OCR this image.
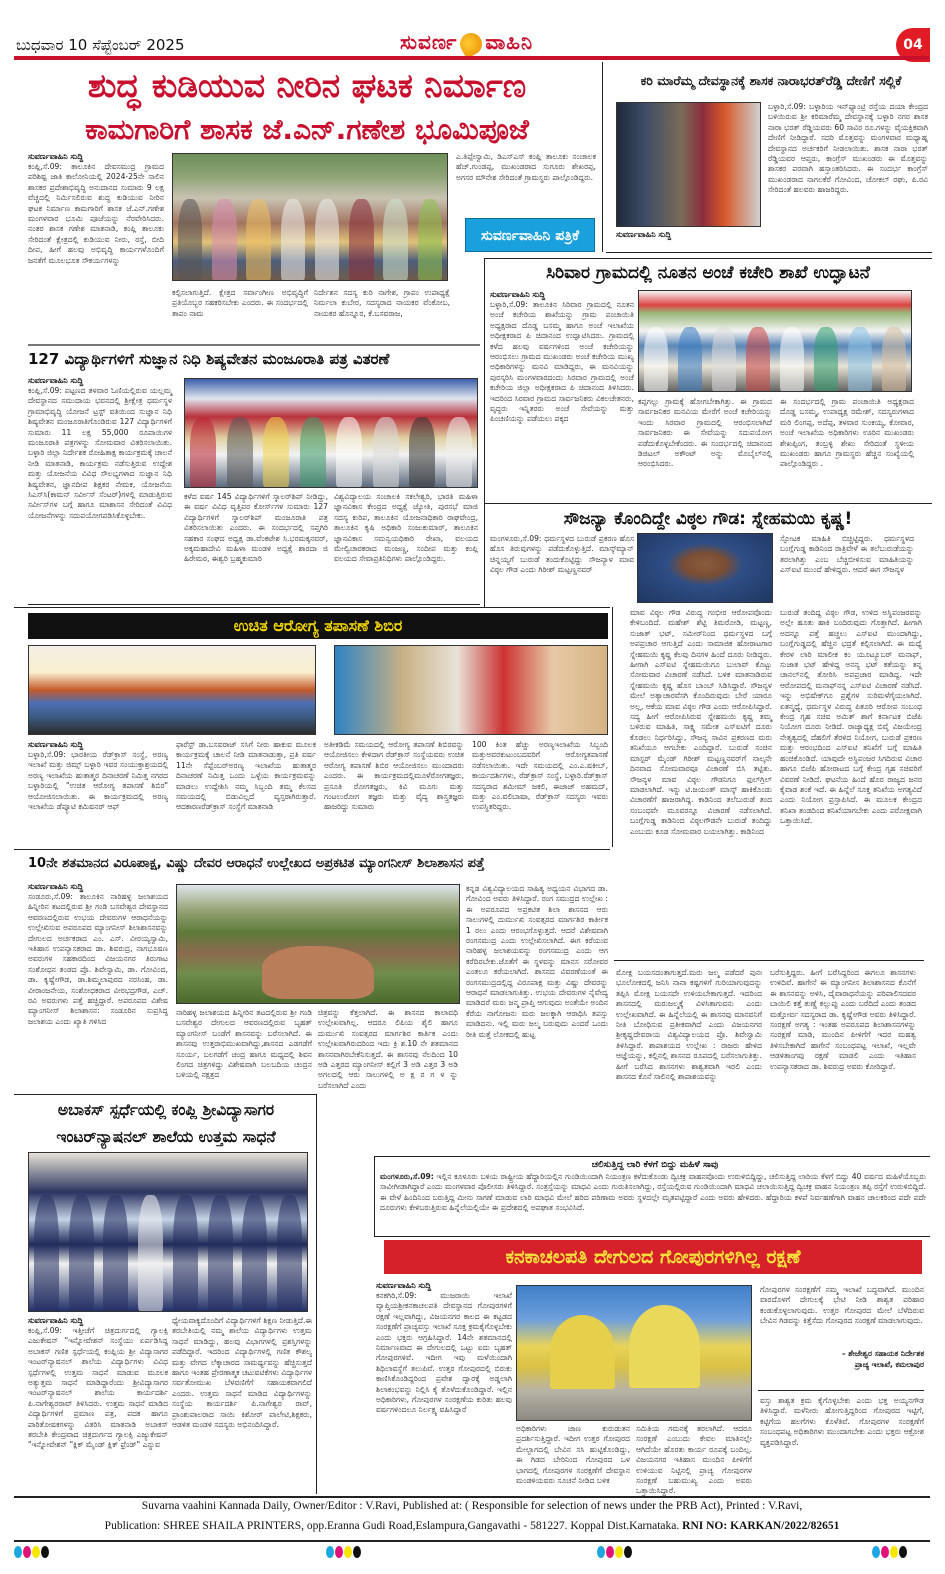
ಬುಧವಾರ 10 ಸೆಪ್ಟೆಂಬರ್ 2025	ಸುವರ್ಣ ವಾಹಿನಿ	04
ಶುದ್ಧ ಕುಡಿಯುವ ನೀರಿನ ಘಟಕ ನಿರ್ಮಾಣ
ಕಾಮಗಾರಿಗೆ ಶಾಸಕ ಜೆ.ಎನ್.ಗಣೇಶ ಭೂಮಿಪೂಜೆ
ಸುವರ್ಣವಾಹಿನಿ ಸುದ್ದಿ
ಕಂಪ್ಲಿ,ಸೆ.09: ತಾಲೂಕಿನ ದೇವಸಮುದ್ರ ಗ್ರಾಮದ ಪರಿಶಿಷ್ಟ ಜಾತಿ ಕಾಲೋನಿಯಲ್ಲಿ 2024-25ನೇ ಸಾಲಿನ ಶಾಸಕರ ಪ್ರದೇಶಾಭಿವೃದ್ಧಿ ಅನುದಾನದ ಸುಮಾರು 9 ಲಕ್ಷ ವೆಚ್ಚದಲ್ಲಿ ನಿರ್ಮಿಸಲಿರುವ ಶುದ್ಧ ಕುಡಿಯುವ ನೀರಿನ ಘಟಕ ನಿರ್ಮಾಣ ಕಾಮಗಾರಿಗೆ ಶಾಸಕ ಜೆ.ಎನ್.ಗಣೇಶ ಮಂಗಳವಾರ ಭೂಮಿ ಪೂಜೆಯನ್ನು ನೆರವೇರಿಸಿದರು. ನಂತರ ಶಾಸಕ ಗಣೇಶ ಮಾತನಾಡಿ, ಕಂಪ್ಲಿ ತಾಲೂಕು ಸೇರಿದಂತೆ ಕ್ಷೇತ್ರದಲ್ಲಿ ಕುಡಿಯುವ ನೀರು, ರಸ್ತೆ, ಬೀದಿ ದೀಪ, ಹೀಗೆ ಹಲವು ಅಭಿವೃದ್ಧಿ ಕಾರ್ಯಗಳೊಂದಿಗೆ ಜನತೆಗೆ ಮೂಲಭೂತ ಸೌಕರ್ಯಗಳನ್ನು
ಕಲ್ಪಿಸಲಾಗುತ್ತಿದೆ. ಕ್ಷೇತ್ರದ ಸರ್ವಾಂಗೀಣ ಅಭಿವೃದ್ಧಿಗೆ ಪ್ರತಿಯೊಬ್ಬರ ಸಹಕರಿಸಬೇಕು ಎಂದರು. ಈ ಸಂದರ್ಭದಲ್ಲಿ ತಾಪಂ ನಾಮ
ನಿರ್ದೇಶನ ಸದಸ್ಯ ಕುರಿ ನಾಗೇಶ, ಗ್ರಾಪಂ ಉಪಾಧ್ಯಕ್ಷೆ ನಿರ್ಮಲಾ ಕುಬೇರ, ಸದಸ್ಯರಾದ ನಾಯಕರ ವೆಂಕೋಬ, ನಾಯಕರ ಹೊನ್ನೂರ, ಕೆ.ಬಸವರಾಜ,
ಎ.ತಿಪ್ಪೇಸ್ವಾಮಿ, ಡಿಎಸ್‌ಎಸ್ ಕಂಪ್ಲಿ ತಾಲೂಕು ಸಂಚಾಲಕ ಹೆಚ್.ಗುಂಡಪ್ಪ, ಮುಖಂಡರಾದ ಸುಗೂರು ಶೇಖರಪ್ಪ, ಅಗಸರ ಮೌನೇಶ ಸೇರಿದಂತೆ ಗ್ರಾಮಸ್ಥರು ಪಾಲ್ಗೊಂಡಿದ್ದರು.
ಸುವರ್ಣವಾಹಿನಿ ಪತ್ರಿಕೆ ಓದಿರಿ
ಕರಿ ಮಾರೆಮ್ಮ ದೇವಸ್ಥಾನಕ್ಕೆ ಶಾಸಕ ನಾರಾಭರತ್‌ರೆಡ್ಡಿ ದೇಣಿಗೆ ಸಲ್ಲಿಕೆ
ಸುವರ್ಣವಾಹಿನಿ ಸುದ್ದಿ
ಬಳ್ಳಾರಿ,ಸೆ.09: ಬಳ್ಳಾರಿಯ ಇನ್‌ಫ್ಯಾಂಟ್ರಿ ರಸ್ತೆಯ ದಯಾ ಕೇಂದ್ರದ ಬಳಿಯಿರುವ ಶ್ರೀ ಕರಿಮಾರೆಮ್ಮ ದೇವಸ್ಥಾನಕ್ಕೆ ಬಳ್ಳಾರಿ ನಗರ ಶಾಸಕ ನಾರಾ ಭರತ್ ರೆಡ್ಡಿಯವರು 60 ಸಾವಿರ ರೂ.ಗಳನ್ನು ವೈಯಕ್ತಿಕವಾಗಿ ದೇಣಿಗೆ ನೀಡಿದ್ದಾರೆ. ಸದರಿ ಮೊತ್ತವನ್ನು ಮಂಗಳವಾರ ಮಧ್ಯಾಹ್ನ ದೇವಸ್ಥಾನದ ಅರ್ಚಕರಿಗೆ ನೀಡಲಾಯಿತು. ಶಾಸಕ ನಾರಾ ಭರತ್ ರೆಡ್ಡಿಯವರ ಆಪ್ತರು, ಕಾಂಗ್ರೆಸ್ ಮುಖಂಡರು ಈ ಮೊತ್ತವನ್ನು ಶಾಸಕರ ಪರವಾಗಿ ಹಸ್ತಾಂತರಿಸಿದರು. ಈ ಸಂದರ್ಭ ಕಾಂಗ್ರೆಸ್ ಮುಖಂಡರಾದ ನಾಗಲಕೆರೆ ಗೋವಿಂದ, ಚೋಕಲ್ ರಘು, ಪಿ.ರವಿ ಸೇರಿದಂತೆ ಹಲವರು ಹಾಜರಿದ್ದರು.
ಸಿರಿವಾರ ಗ್ರಾಮದಲ್ಲಿ ನೂತನ ಅಂಚೆ ಕಚೇರಿ ಶಾಖೆ ಉದ್ಘಾಟನೆ
ಸುವರ್ಣವಾಹಿನಿ ಸುದ್ದಿ
ಬಳ್ಳಾರಿ,ಸೆ.09: ತಾಲೂಕಿನ ಸಿರಿವಾರ ಗ್ರಾಮದಲ್ಲಿ ನೂತನ ಅಂಚೆ ಕಚೇರಿಯ ಶಾಖೆಯನ್ನು ಗ್ರಾಮ ಪಂಚಾಯಿತಿ ಅಧ್ಯಕ್ಷರಾದ ದೊಡ್ಡ ಬಸಮ್ಮ ಹಾಗೂ ಅಂಚೆ ಇಲಾಖೆಯ ಅಧೀಕ್ಷಕರಾದ ಪಿ ಚಿದಾನಂದ ಉದ್ಘಾಟಿಸಿದರು. ಗ್ರಾಮದಲ್ಲಿ ಕಳೆದ ಹಲವು ವರ್ಷಗಳಿಂದ ಅಂಚೆ ಕಚೇರಿಯನ್ನು ಆರಂಭಿಸಲು ಗ್ರಾಮದ ಮುಖಂಡರು ಅಂಚೆ ಕಚೇರಿಯ ಮುಖ್ಯ ಅಧಿಕಾರಿಗಳನ್ನು ಮನವಿ ಮಾಡಿದ್ದರು, ಈ ಮನವಿಯನ್ನು ಪುರಸ್ಕರಿಸಿ ಮಂಗಳವಾರದಂದು ಸಿರವಾರ ಗ್ರಾಮದಲ್ಲಿ ಅಂಚೆ ಕಚೇರಿಯ ಜಿಲ್ಲಾ ಅಧೀಕ್ಷಕರಾದ ಪಿ ಚಿದಾನಂದ ತಿಳಿಸಿದರು. ಇದರಿಂದ ಸಿರವಾರ ಗ್ರಾಮದ ಸಾರ್ವಜನಿಕರು ವಿಕಲಚೇತನರು, ವೃದ್ಧರು ಇನ್ನಿತರರು ಅಂಚೆ ಸೇವೆಯನ್ನು ಮತ್ತು ಪಿಂಚಣಿಯನ್ನು ಪಡೆಯಲು ಪಕ್ಕದ
ಕಪ್ಪಗಲ್ಲು ಗ್ರಾಮಕ್ಕೆ ಹೋಗಬೇಕಾಗಿತ್ತು. ಈ ಗ್ರಾಮದ ಸಾರ್ವಜನಿಕರ ಮನವಿಯ ಮೇರೆಗೆ ಅಂಚೆ ಕಚೇರಿಯನ್ನು ಇಂದು ಸಿರವಾರ ಗ್ರಾಮದಲ್ಲಿ ಆರಂಭಿಸಲಾಗಿದೆ ಸಾರ್ವಜನಿಕರು ಈ ಸೇವೆಯನ್ನು ಸದುಪಯೋಗ ಪಡೆದುಕೊಳ್ಳಬೇಕೆಂದರು. ಈ ಸಂದರ್ಭದಲ್ಲಿ ಚಿದಾನಂದ ಡಿಜಿಟಲ್ ಅಕೌಂಟ್ ಅನ್ನು ಮೊಬೈಲ್‌ನಲ್ಲಿ ಆರಂಭಿಸಿದರು.
ಈ ಸಂದರ್ಭದಲ್ಲಿ ಗ್ರಾಮ ಪಂಚಾಯಿತಿ ಅಧ್ಯಕ್ಷರಾದ ದೊಡ್ಡ ಬಸಮ್ಮ, ಉಪಾಧ್ಯಕ್ಷ ರಮೇಶ್, ಸದಸ್ಯರುಗಳಾದ ಮರಿ ಲಿಂಗಪ್ಪ, ಅದೆಪ್ಪ, ತಳವಾರ ಸುಂಕಯ್ಯ, ಕೋವಾರ, ಅಂಚೆ ಇಲಾಖೆಯ ಅಧಿಕಾರಿಗಳು ಊರಿನ ಮುಖಂಡರು ಶೇಖಪ್ಪಿಂಗ, ತಂಬ್ರಳ್ಳಿ ಶೇಖು ಸೇರಿದಂತೆ ಸ್ಥಳೀಯ ಮುಖಂಡರು ಹಾಗೂ ಗ್ರಾಮಸ್ಥರು ಹೆಚ್ಚಿನ ಸಂಖ್ಯೆಯಲ್ಲಿ ಪಾಲ್ಗೊಂಡಿದ್ದರು .
ಸೌಜನ್ಯಾ ಕೊಂದಿದ್ದೇ ವಿಠ್ಠಲ ಗೌಡ: ಸ್ನೇಹಮಯಿ ಕೃಷ್ಣ!
ಮಂಗಳೂರು,ಸೆ.09: ಧರ್ಮಸ್ಥಳದ ಬುರುಡೆ ಪ್ರಕರಣ ಹೊಸ ಹೊಸ ತಿರುವುಗಳನ್ನು ಪಡೆದುಕೊಳ್ಳುತ್ತಿದೆ. ಮಾಸ್ಕ್‌ಮ್ಯಾನ್ ಚಿನ್ನಯ್ಯಗೆ ಬುರುಡೆ ತಂದುಕೊಟ್ಟಿದ್ದು ಸೌಜನ್ಯಾಳ ಮಾವ ವಿಠ್ಠಲ ಗೌಡ ಎಂದು ಗಿರೀಶ್ ಮಟ್ಟಣ್ಣನವರ್
ಸ್ಫೋಟಕ ಮಾಹಿತಿ ಬಿಚ್ಚಿಟ್ಟಿದ್ದರು. ಧರ್ಮಸ್ಥಳದ ಬಂಗ್ಲೆಗುಡ್ಡ ಕಾಡಿನಿಂದ ರಾತ್ರಿವೇಳೆ ಈ ತಲೆಬುರುಡೆಯನ್ನು ತರಲಾಗಿತ್ತು ಎಂಬ ಬೆಚ್ಚಿಬೀಳಿಸುವ ಮಾಹಿತಿಯನ್ನು ಎಸ್ಐಟಿ ಮುಂದೆ ಹೇಳಿದ್ದರು. ಆದರೆ ಈಗ ಸೌಜನ್ಯಳ
ಮಾವ ವಿಠ್ಠಲ ಗೌಡ ವಿರುದ್ಧ ಗಂಭೀರ ಆರೋಪವೊಂದು ಕೇಳಿಬಂದಿದೆ. ಮಹೇಶ್ ಶೆಟ್ಟಿ ತಿಮರೋಡಿ, ಮಟ್ಟಣ್ಣ, ಸುಜಾತ್ ಭಟ್, ಸಮೀರ್‌ನಿಂದ ಧರ್ಮಸ್ಥಳದ ಬಗ್ಗೆ ಅಪಪ್ರಚಾರ ಆಗುತ್ತಿದೆ ಎಂದು ಸಾಮಾಜಿಕ ಹೋರಾಟಗಾರ ಸ್ನೇಹಮಯಿ ಕೃಷ್ಣ ಕೆಲವು ದಿನಗಳ ಹಿಂದೆ ದೂರು ನೀಡಿದ್ದರು. ಹೀಗಾಗಿ ಎಸ್ಐಟಿ ಸ್ನೇಹಮಯಿಗೂ ಬುಲಾವ್ ಕೊಟ್ಟು ಸೋಮವಾರ ವಿಚಾರಣೆ ನಡೆಸಿದೆ. ಬಳಿಕ ಮಾತನಾಡಿರುವ ಸ್ನೇಹಮಯಿ ಕೃಷ್ಣ ಹೊಸ ಬಾಂಬ್ ಸಿಡಿಸಿದ್ದಾರೆ. ಸೌಜನ್ಯಳ ಮೇಲೆ ಅತ್ಯಾಚಾರವೆಸಗಿ ಕೊಂದಿರುವುದು ಬೇರೆ ಯಾರೂ ಅಲ್ಲ, ಆಕೆಯ ಮಾವ ವಿಠ್ಠಲ ಗೌಡ ಎಂದು ಆರೋಪಿಸಿದ್ದಾರೆ. ಸದ್ಯ ಹೀಗೆ ಆರೋಪಿಸಿರುವ ಸ್ನೇಹಮಯಿ ಕೃಷ್ಣ ತಮ್ಮ ಬಳಿರುವ ಮಾಹಿತಿ, ಸಾಕ್ಷ್ಯ ಸಮೇತ ಎಸ್ಐಟಿಗೆ ದೂರು ಕೊಡಲು ನಿರ್ಧರಿಸಿದ್ದು, ಸೌಜನ್ಯ ಸಾವಿನ ಪ್ರಕರಣದ ಮರು ತನಿಖೆಯೂ ಆಗಬೇಕು ಎಂದಿದ್ದಾರೆ. ಬುರುಡೆ ಸಂಚಿನ ಮಾಸ್ಟರ್ ಮೈಂಡ್ ಗಿರೀಶ್ ಮಟ್ಟಣ್ಣನವರ್‌ಗೆ ನಾಲ್ಕನೇ ದಿನವಾದ ಸೋಮವಾರವೂ ವಿಚಾರಣೆ ಬಿಸಿ ತಟ್ಟಿತು. ಸೌಜನ್ಯಳ ಮಾವ ವಿಠ್ಠಲ ಗೌಡನಿಗೂ ಫುಲ್‌ಗ್ರಿಲ್ ಮಾಡಲಾಗಿದೆ. ಇನ್ನು ಟಿ.ಜಯಂತ್ ಮಾಸ್ಕ್ ಹಾಕಿಕೊಂಡು ವಿಚಾರಣೆಗೆ ಹಾಜರಾಗಿದ್ದ. ಕಾಡಿನಿಂದ ತಲೆಬುರುಡೆ ತಂದ ಸಂಬಂಧವೇ ಮೂವರನ್ನೂ ವಿಚಾರಣೆ ನಡೆಸಲಾಗಿದೆ. ಬಂಗ್ಲೆಗುಡ್ಡ ಕಾಡಿನಿಂದ ವಿಠ್ಠಲಗೌಡನೇ ಬುರುಡೆ ತಂದಿದ್ದು ಎಂಬುದು ಕೂಡ ಸೋಮವಾರ ಬಯಲಾಗಿತ್ತು. ಕಾಡಿನಿಂದ
ಬುರುಡೆ ತಂದಿದ್ದ ವಿಠ್ಠಲ ಗೌಡ, ಉಳಿದ ಅಸ್ಥಿಪಂಜರವನ್ನು ಅಲ್ಲೇ ಹೂತು ಹಾಕಿ ಬಂದಿರುವುದು ಗೊತ್ತಾಗಿದೆ. ಹೀಗಾಗಿ ಅದನ್ನೂ ಪತ್ತೆ ಹಚ್ಚಲು ಎಸ್ಐಟಿ ಮುಂದಾಗಿದ್ದು, ಬಂಗ್ಲೆಗುಡ್ಡದಲ್ಲಿ ಹೆಚ್ಚಿನ ಭದ್ರತೆ ಕಲ್ಪಿಸಲಾಗಿದೆ. ಈ ಮಧ್ಯೆ ಕೇರಳ ಲಾರಿ ಮಾಲೀಕ ಕಂ ಯೂಟ್ಯೂಬರ್ ಮನಾಫ್, ಸುಜಾತ ಭಟ್ ಹೇಳಿದ್ದ ಅನನ್ಯ ಭಟ್ ಕತೆಯನ್ನು ತನ್ನ ಚಾನಲ್‌ನಲ್ಲಿ ತೋರಿಸಿ ಅಪಪ್ರಚಾರ ಮಾಡಿದ್ದ. ಇದೇ ಆರೋಪದಲ್ಲಿ ಮನಾಫ್‌ನನ್ನ ಎಸ್ಐಟಿ ವಿಚಾರಣೆ ನಡೆಸಿದೆ. ಇನ್ನು ಅಭಿಷೇಕ್‌ಗೂ ಪ್ರಶ್ನೆಗಳ ಸುರಿಮಳೆಗೈಯಲಾಗಿದೆ. ಏತನ್ಮಧ್ಯೆ, ಧರ್ಮಸ್ಥಳ ವಿರುದ್ಧ ಪಿತೂರಿ ಆರೋಪ ಸಂಬಂಧ ಕೇಂದ್ರ ಗೃಹ ಸಚಿವ ಅಮಿತ್ ಶಾಗೆ ಕರ್ನಾಟಕ ಬಿಜೆಪಿ ನಿಯೋಗ ದೂರು ನೀಡಿದೆ. ರಾಜ್ಯಾಧ್ಯಕ್ಷ ಬಿವೈ ವಿಜಯೇಂದ್ರ ನೇತೃತ್ವದಲ್ಲಿ ದೆಹಲಿಗೆ ತೆರಳಿದ ನಿಯೋಗ, ಬುರುಡೆ ಪ್ರಕರಣ ಮತ್ತು ಆರಂಭದಿಂದ ಎಸ್ಐಟಿ ತನಿಖೆಗೆ ಬಗ್ಗೆ ಮಾಹಿತಿ ಹಂಚಿಕೊಂಡಿದೆ. ಯಾವುದೇ ಅಸ್ಥಿಪಂಜರ ಸಿಗದಿರುವ ವಿಚಾರ ಹಾಗೂ ಬಿಜೆಪಿ ಹೋರಾಟದ ಬಗ್ಗೆ ಕೇಂದ್ರ ಗೃಹ ಸಚಿವರಿಗೆ ವಿವರಣೆ ನೀಡಿದೆ. ಘಟನೆಯ ಹಿಂದೆ ಹೊರ ರಾಜ್ಯದ ಜನರ ಕೈವಾಡ ಶಂಕೆ ಇದೆ. ಈ ಹಿನ್ನೆಲೆ ಸೂಕ್ತ ತನಿಖೆಯ ಅಗತ್ಯವಿದೆ ಎಂದು ನಿಯೋಗ ಪ್ರಸ್ತಾಪಿಸಿದೆ. ಈ ಮೂಲಕ ಕೇಂದ್ರದ ತನಿಖಾ ತಂಡದಿಂದ ತನಿಖೆಯಾಗಬೇಕು ಎಂದು ಪರೋಕ್ಷವಾಗಿ ಒತ್ತಾಯಿಸಿದೆ.
127 ವಿದ್ಯಾರ್ಥಿಗಳಿಗೆ ಸುಜ್ಞಾನ ನಿಧಿ ಶಿಷ್ಯವೇತನ ಮಂಜೂರಾತಿ ಪತ್ರ ವಿತರಣೆ
ಸುವರ್ಣವಾಹಿನಿ ಸುದ್ದಿ
ಕಂಪ್ಲಿ,ಸೆ.09: ಪಟ್ಟಣದ ತಳವಾರ ಓಣಿಯಲ್ಲಿರುವ ಯಲ್ಲಮ್ಮ ದೇವಸ್ಥಾನದ ಸಮುದಾಯ ಭವನದಲ್ಲಿ ಶ್ರೀಕ್ಷೇತ್ರ ಧರ್ಮಸ್ಥಳ ಗ್ರಾಮಾಭಿವೃದ್ಧಿ ಯೋಜನೆ ಟ್ರಸ್ಟ್ ವತಿಯಿಂದ ಸುಜ್ಞಾನ ನಿಧಿ ಶಿಷ್ಯವೇತನ ಮಂಜೂರಾತಿಗೊಂಡಿರುವ 127 ವಿದ್ಯಾರ್ಥಿಗಳಿಗೆ ಸುಮಾರು 11 ಲಕ್ಷ 55,000 ರೂಪಾಯಿಗಳ ಮಂಜೂರಾತಿ ಪತ್ರಗಳನ್ನು ಸೋಮವಾರ ವಿತರಿಸಲಾಯಿತು. ಬಳ್ಳಾರಿ ಜಿಲ್ಲಾ ನಿರ್ದೇಶಕ ರೋಹಿತಾಕ್ಷ ಕಾರ್ಯಕ್ರಮಕ್ಕೆ ಚಾಲನೆ ನೀಡಿ ಮಾತನಾಡಿ, ಕಾರ್ಯಕ್ರಮ ನಡೆಸುತ್ತಿರುವ ಉದ್ದೇಶ ಮತ್ತು ಯೋಜನೆಯ ವಿವಿಧ ಸೌಲಭ್ಯಗಳಾದ ಸುಜ್ಞಾನ ನಿಧಿ ಶಿಷ್ಯವೇತನ, ಜ್ಞಾನದೀಪ ಶಿಕ್ಷಕರ ನೇಮಕ, ಯೋಜನೆಯ ಸಿಎಸ್‌ಸಿ(ಕಾಮನ್ ಸರ್ವೀಸ್ ಸೆಂಟರ್)ಗಳಲ್ಲಿ ಮಾಡುತ್ತಿರುವ ಸರ್ವೀಸ್‌ಗಳ ಬಗ್ಗೆ ಹಾಗೂ ಮಾಶಾಸನ ಸೇರಿದಂತೆ ವಿವಿಧ ಯೋಜನೆಗಳನ್ನು ಸದುಪಯೋಗಪಡಿಸಿಕೊಳ್ಳಬೇಕು.
ಕಳೆದ ವರ್ಷ 145 ವಿದ್ಯಾರ್ಥಿಗಳಿಗೆ ಸ್ಕಾಲರ್‌ಶಿಪ್ ನೀಡಿದ್ದು, ಈ ವರ್ಷ ವಿವಿಧ ವೃತ್ತಿಪರ ಕೋರ್ಸ್‌ಗಳ ಸುಮಾರು 127 ವಿದ್ಯಾರ್ಥಿಗಳಿಗೆ ಸ್ಕಾಲರ್‌ಶಿಪ್ ಮಂಜೂರಾತಿ ಪತ್ರ ವಿತರಿಸಲಾಯಿತು ಎಂದರು. ಈ ಸಂದರ್ಭದಲ್ಲಿ ಸಪ್ತಗಿರಿ ಸಹಕಾರ ಸಂಘದ ಅಧ್ಯಕ್ಷ ಡಾ.ವೆಂಕಟೇಶ ಸಿ.ಭರಮಕ್ಕನವರ್, ಅಕ್ಕಮಹಾದೇವಿ ಮಹಿಳಾ ಮಂಡಳಿ ಅಧ್ಯಕ್ಷೆ ಶಾರದಾ ಜಿ ಹಿರೇಮಠ, ಈಶ್ವರಿ ಬ್ರಹ್ಮಕುಮಾರಿ
ವಿಶ್ವವಿದ್ಯಾಲಯ ಸಂಚಾಲಕಿ ಸಕಲೇಶ್ವರಿ, ಭಾರತಿ ಮಹಿಳಾ ಜ್ಞಾನವಿಕಾಸ ಕೇಂದ್ರದ ಅಧ್ಯಕ್ಷೆ ಜ್ಯೋತಿ, ಪುರಸಭೆ ಮಾಜಿ ಸದಸ್ಯ ಕುರಿಪ, ತಾಲೂಕಿನ ಯೋಜನಾಧಿಕಾರಿ ರಾಘವೇಂದ್ರ, ತಾಲೂಕಿನ ಕೃಷಿ ಅಧಿಕಾರಿ ಸಂಜುಕುಮಾರ್, ತಾಲೂಕಿನ ಜ್ಞಾನವಿಕಾಸ ಸಮನ್ವಯಧಿಕಾರಿ ರೇಖಾ, ವಲಯದ ಮೇಲ್ವಿಚಾರಕರಾದ ಮಂಜಣ್ಣ, ಸಂದೀಪ ಮತ್ತು ಕಂಪ್ಲಿ ವಲಯದ ಸೇವಾಪ್ರತಿನಿಧಿಗಳು ಪಾಲ್ಗೊಂಡಿದ್ದರು.
ಉಚಿತ ಆರೋಗ್ಯ ತಪಾಸಣೆ ಶಿಬಿರ
ಸುವರ್ಣವಾಹಿನಿ ಸುದ್ದಿ
ಬಳ್ಳಾರಿ,ಸೆ.09: ಭಾರತೀಯ ರೆಡ್‌ಕ್ರಾಸ್ ಸಂಸ್ಥೆ, ಅರಣ್ಯ ಇಲಾಖೆ ಮತ್ತು ಜಿಮ್ಸ್ ಬಳ್ಳಾರಿ ಇವರ ಸಂಯುಕ್ತಾಶ್ರಯದಲ್ಲಿ ಅರಣ್ಯ ಇಲಾಖೆಯ ಹುತಾತ್ಮರ ದಿನಾಚರಣೆ ನಿಮಿತ್ತ ನಗರದ ಬಳ್ಳಾರಿಯಲ್ಲಿ "ಉಚಿತ ಆರೋಗ್ಯ ತಪಾಸಣೆ ಶಿಬಿರ" ಆಯೋಜಿಸಲಾಯಿತು. ಈ ಕಾರ್ಯಕ್ರಮದಲ್ಲಿ ಅರಣ್ಯ ಇಲಾಖೆಯ ಡೆಪ್ಯೂಟಿ ಕಮಿಷನರ್ ಆಫ್
ಫಾರೆಸ್ಟ್ ಡಾ.ಬಸವರಾಜ್ ಸಸಿಗೆ ನೀರು ಹಾಕುವ ಮೂಲಕ ಕಾರ್ಯಕ್ರಮಕ್ಕೆ ಚಾಲನೆ ನೀಡಿ ಮಾತನಾಡುತ್ತಾ, ಪ್ರತಿ ವರ್ಷ 11ನೇ ಸೆಪ್ಟೆಂಬರ್‌ಅರಣ್ಯ ಇಲಾಖೆಯ ಹುತಾತ್ಮರ ದಿನಾಚರಣೆ ನಿಮಿತ್ತ ಒಂದು ಒಳ್ಳೆಯ ಕಾರ್ಯಕ್ರಮವನ್ನು ಮಾಡಲು ಉದ್ದೇಶಿಸಿ ನಮ್ಮ ಸಿಬ್ಬಂದಿ ತಮ್ಮ ಕೆಲಸದ ಸಮಯದಲ್ಲಿ ಬಿಡುವಿಲ್ಲದೆ ವ್ಯಸ್ತರಾಗಿರುತ್ತಾರೆ. ಆದಕಾರಣರೆಡ್‌ಕ್ರಾಸ್ ಸಂಸ್ಥೆಗೆ ಮಾತನಾಡಿ
ಅತೀಕಡಿಮೆ ಸಮಯದಲ್ಲಿ ಆರೋಗ್ಯ ತಪಾಸಣೆ ಶಿಬಿರವನ್ನು ಆಯೋಜಿಸಲು ಕೇಳಿದಾಗ ರೆಡ್‌ಕ್ರಾಸ್ ಸಂಸ್ಥೆಯವರು ಉಚಿತ ಆರೋಗ್ಯ ತಪಾಸಣೆ ಶಿಬಿರ ಆಯೋಜಿಸಲು ಮುಂದಾದರು ಎಂದರು. ಈ ಕಾರ್ಯಕ್ರಮದಲ್ಲಿಮೂಳೆರೋಗತಜ್ಞರು, ಪ್ರಸೂತಿ ರೋಗತಜ್ಞರು, ಕಿವಿ ಮೂಗು ಮತ್ತು ಗಂಟಲುರೋಗ ತಜ್ಞರು ಮತ್ತು ವೈದ್ಯ ಶಾಸ್ತ್ರತಜ್ಞರು ಹಾಜರಿದ್ದು ಸುಮಾರು
100 ಕಿಂತ ಹೆಚ್ಚು ಅರಣ್ಯಇಲಾಖೆಯ ಸಿಬ್ಬಂದಿ ಮತ್ತುಅವರಕುಟುಂಬದವರಿಗೆ ಆರೋಗ್ಯತಪಾಸಣೆ ನಡೆಸಲಾಯಿತು. ಇದೇ ಸಮಯದಲ್ಲಿ ಎಂ.ಎ.ಷಕೀಬ್, ಕಾರ್ಯದರ್ಶಿಗಳು, ರೆಡ್‌ಕ್ರಾಸ್ ಸಂಸ್ಥೆ, ಬಳ್ಳಾರಿ.ರೆಡ್‌ಕ್ರಾಸ್ ಸದಸ್ಯರಾದ ಶಮೀಮ್ ಜಕಲಿ, ಈಜಾಜ್ ಅಹಮದ್, ಮತ್ತು ಎಂ.ವಲಿಬಾಷಾ, ರೆಡ್‌ಕ್ರಾಸ್ ಸದಸ್ಯರು ಇವರು ಉಪಸ್ಥಿತರಿದ್ದರು.
10ನೇ ಶತಮಾನದ ವಿರೂಪಾಕ್ಷ, ವಿಷ್ಣು ದೇವರ ಆರಾಧನೆ ಉಲ್ಲೇಖದ ಅಪ್ರಕಟಿತ ಮ್ಯಾಂಗನೀಸ್ ಶಿಲಾಶಾಸನ ಪತ್ತೆ
ಸುವರ್ಣವಾಹಿನಿ ಸುದ್ದಿ
ಸಂಡೂರು,ಸೆ.09: ತಾಲೂಕಿನ ನಾರಿಹಳ್ಳ ಜಲಾಶಯದ ಹಿನ್ನೀರಿನ ತಟದಲ್ಲಿರುವ ಶ್ರೀ ಗಂಡಿ ಬಸವೇಶ್ವರ ದೇವಸ್ಥಾನದ ಆವರಣದಲ್ಲಿರುವ ಉಭಯ ದೇವರುಗಳ ಆರಾಧನೆಯನ್ನು ಉಲ್ಲೇಖಿಸುವ ಅಪರೂಪದ ಮ್ಯಾಂಗನೀಸ್ ಶಿಲಾಶಾಸನವನ್ನು ದೇಗುಲದ ಅರ್ಚಕರಾದ ಎಂ. ಎಸ್. ವೀರಯ್ಯಸ್ವಾಮಿ, ಇತಿಹಾಸ ಉಪನ್ಯಾಸಕರಾದ ಡಾ. ಶಿವರುದ್ರ, ನಾಗಭೂಷಣ ಅವರುಗಳ ಸಹಕಾರದಿಂದ ವಿಜಯನಗರ ತಿರುಗಾಟ ಸಂಶೋಧನ ತಂಡದ ಪ್ರೊ. ಶಿವೇಸ್ವಾಮಿ, ಡಾ. ಗೋವಿಂದ, ಡಾ. ಕೃಷ್ಣೇಗೌಡ, ಡಾ.ಶಿಮ್ಮಲಾಪುರದ ನರಸಿಂಹ, ಡಾ. ವೀರಾಂಜನೇಯ, ಸಂಶೋಧಕರಾದ ವೀರಭದ್ರಗೌಡ, ಎಚ್. ರವಿ ಅವರುಗಳು ಪತ್ತೆ ಹಚ್ಚಿದ್ದಾರೆ. ಅಪರೂಪದ ವಿಶೇಷ ಮ್ಯಾಂಗನೀಸ್ ಶಿಲಾಶಾಸನ: ಸಂಡೂರಿನ ಸುಪ್ರಸಿದ್ಧ ಜಲಾಶಯ ಎಂದು ಖ್ಯಾತಿ ಗಳಿಸಿದ
ನಾರಿಹಳ್ಳ ಜಲಾಶಯದ ಹಿನ್ನೀರಿನ ತಟದಲ್ಲಿರುವ ಶ್ರೀ ಗಂಡಿ ಬಸವೇಶ್ವರ ದೇಗುಲದ ಆವರಣದಲ್ಲಿರುವ ಬೃಹತ್ ಮ್ಯಾಂಗನೀಸ್ ಬಂಡೆಗೆ ಶಾಸನವನ್ನು ಬರೆಸಲಾಗಿದೆ. ಈ ಶಾಸನವು ಉತ್ತರಾಭಿಮುಖವಾಗಿದ್ದು,ಶಾಸನದ ಎಡಗಡೆಗೆ ಸೂರ್ಯ, ಬಲಗಡೆಗೆ ಚಂದ್ರ ಹಾಗೂ ಮಧ್ಯದಲ್ಲಿ ಶಿವನ ಲಿಂಗದ ಚಿತ್ರಗಳಿದ್ದು ವಿಶೇಷವಾಗಿ ಬಲಬದಿಯ ಚಂದ್ರನ ಬಳಿಯಲ್ಲಿ ನಕ್ಷತ್ರದ
ಚಿತ್ರವನ್ನು ಕೆತ್ತಲಾಗಿದೆ. ಈ ಶಾಸನದ ಕಾಲಾವಧಿ ಉಲ್ಲೇಖವಾಗಿಲ್ಲ. ಆದರೂ ಲಿಪಿಯ ಶೈಲಿ ಹಾಗೂ ದುರ್ಮುಖಿ ಸಂವತ್ಸರದ ಮಾರ್ಗಶಿರ ಕಾರ್ತಿಕ ಎಂದು ಉಲ್ಲೇಖವಾಗಿರುದರಿಂದ ಇದು ಕ್ರಿ ಶ.10 ನೇ ಶತಮಾನದ ಶಾಸನವಾಗಿರಬೇಕೆನಿಸುತ್ತದೆ. ಈ ಶಾಸನವು ನೆಲದಿಂದ 10 ಅಡಿ ಎತ್ತರದ ಮ್ಯಾಂಗನೀಸ್ ಕಲ್ಲಿಗೆ 3 ಅಡಿ ಎತ್ತರ 3 ಅಡಿ ಅಗಲದಲ್ಲಿ ಆರು ಸಾಲುಗಳಲ್ಲಿ ಅ ಕ್ಷ ರ ಗ ಳ ನ್ನು ಬರೆಸಲಾಗಿದೆ ಎಂದು
ಕನ್ನಡ ವಿಶ್ವವಿದ್ಯಾಲಯದ ಸಾಹಿತ್ಯ ಅಧ್ಯಯನ ವಿಭಾಗದ ಡಾ. ಗೋವಿಂದ ಅವರು ತಿಳಿಸಿದ್ದಾರೆ. ರಂಗ ಸಮುದ್ರದ ಉಲ್ಲೇಖ : ಈ ಅಪರೂಪದ ಅಪ್ರಕಟಿತ ಶಿಲಾ ಶಾಸನದ ಆರು ಸಾಲುಗಳಲ್ಲಿ ದುರ್ಮುಖಿ ಸಂವತ್ಸರದ ಮಾರ್ಗಶಿರ ಕಾರ್ತೀಕ 1 ರಲು ಎಂದು ಆರಂಭಗೊಳ್ಳುತ್ತದೆ. ಆದರೆ ವಿಶೇಷವಾಗಿ ರಂಗಸಮುದ್ರ ಎಂದು ಉಲ್ಲೇಖಿಸಲಾಗಿದೆ. ಈಗ ಕರೆಯುವ ನಾರಿಹಳ್ಳ ಜಲಾಶಯವನ್ನು ರಂಗಸಮುದ್ರ ಎಂದು ಆಗ ಕರೆದಿರಬೇಕು.ಜೊತೆಗೆ ಈ ಸ್ಥಳವನ್ನು ಮಾನಸ ಸರೋವರ ಎಂತಲೂ ಕರೆಯಲಾಗಿದೆ. ಶಾಸನದ ವಿವರಣೆಯಂತೆ ಈ ರಂಗಸಮುದ್ರದಲ್ಲಿದ್ದ ವಿರೂಪಾಕ್ಷ ಮತ್ತು ವಿಷ್ಣು ದೇವರನ್ನು ಆರಾಧನೆ ಮಾಡಲಾಗುತಿತ್ತು. ಉಭಯ ದೇವರುಗಳ ನೈವೇದ್ಯ ಮಾಡಿದರೆ ಮರು ಜನ್ಮ ಪ್ರಾಪ್ತಿ ಆಗುವುದು ಅಂತೆಯೇ ಅಂದಿನ ಕೆರೆಯ ನಾಗೋಜನು ಮರು ಜಲಕ್ಕಾಗಿ ಆರಾಧಿಸಿ ತಪಸ್ಸು ಮಾಡಿದನು. ಇಲ್ಲಿ ಮರು ಜಲ್ಮ ಬರುವುದು ಎಂದರೆ ಒಂದು ರೀತಿ ಮತ್ತೆ ಲೋಕದಲ್ಲಿ ಹುಟ್ಟ
ಮೋಕ್ಷ ಬಯಸದಂತಾಗುತ್ತದೆ.ಮರು ಜಲ್ಮ ಪಡೆದರೆ ಪುನಃ ಭೂಲೋಕದಲ್ಲಿ ಜನಿಸಿ ನಾನಾ ಕಷ್ಟಗಳಿಗೆ ಗುರಿಯಾಗುವುದನ್ನು ತಪ್ಪಿಸಿ ಮೋಕ್ಷ ಬಯಸದೇ ಉಳಿಯಬೇಕಾಗುತ್ತದೆ. ಇದರಿಂದ ಶಾಸನದಲ್ಲಿ ಮರುಜಲ್ಮಕ್ಕೆ ವಿಳಸಿತಾಗುವನು ಎಂದು ಉಲ್ಲೇಖವಾಗಿದೆ. ಈ ಹಿನ್ನೆಲೆಯಲ್ಲಿ ಈ ಶಾಸನವು ಮಾನವನಿಗೆ ನೀತಿ ಬೋಧಿಸುವ ಪ್ರತೀಕವಾಗಿದೆ ಎಂದು ವಿಜಯನಗರ ಶ್ರೀಕೃಷ್ಣದೇವರಾಯ ವಿಶ್ವವಿದ್ಯಾಲಯದ ಪ್ರೊ. ಶಿವೇಸ್ವಾಮಿ ತಿಳಿಸಿದ್ದಾರೆ. ಶಾಪಾಶಯದ ಉಲ್ಲೇಖ : ರಾಜರು ಹೇಳಿದ ಆಜ್ಞೆಯನ್ನು, ಕಲ್ಲಿನಲ್ಲಿ ಶಾಸನದ ರೂಪದಲ್ಲಿ ಬರೆಸಲಾಗುತಿತ್ತು. ಹೀಗೆ ಬರೆಸಿದ ಶಾಸನಗಳು ಶಾಶ್ವತವಾಗಿ ಇರಲಿ ಎಂದು ಶಾಸನದ ಕೊನೆ ಸಾಲಿನಲ್ಲಿ ಶಾಪಾಶಯವನ್ನು
ಬರೆಸುತ್ತಿದ್ದರು. ಹೀಗೆ ಬರೆಸಿದ್ದರಿಂದ ಈಗಲೂ ಶಾಸನಗಳು ಉಳಿದಿವೆ. ಹಾಗೇನೆ ಈ ಮ್ಯಾಂಗನೀಸ ಶಿಲಾಶಾಸನದ ಕೊನೆಗೆ ಈ ಶಾಸನವನ್ನು ಅಳಿಸಿ, ದೈವಾರಾಧನೆಯನ್ನು ಪರಿಪಾಲಿಸದವರ ಬಾಯಿಲಿ ಕತ್ತೆ ತುಣ್ಣೆ ಕಲ್ಲುಪ್ಪು ಎಂದು ಬರೆದಿದೆ ಎಂದು ತಂಡದ ಮತ್ತೋರ್ವ ಸದಸ್ಯರಾದ ಡಾ. ಕೃಷ್ಣೇಗೌಡ ಅವರು ತಿಳಿಸಿದ್ದಾರೆ. ಸಂರಕ್ಷಣೆ ಅಗತ್ಯ : ಇಂತಹ ಅಪರೂಪದ ಶಿಲಾಶಾಸನಗಳನ್ನು ಸಂರಕ್ಷಣೆ ಮಾಡಿ, ಮುಂದಿನ ಪೀಳಿಗೆಗೆ ಇದರ ಮಹತ್ವ ತಿಳಿಸಬೇಕಾಗಿದೆ ಹಾಗೇನೆ ಸಂಬಂಧಪಟ್ಟ ಇಲಾಖೆ, ಇಲ್ಲವೇ ಆಡಳಿತಾಂಗವು ರಕ್ಷಣೆ ಮಾಡಲಿ ಎಂದು ಇತಿಹಾಸ ಉಪನ್ಯಾಸಕರಾದ ಡಾ. ಶಿವರುದ್ರ ಅವರು ಕೋರಿದ್ದಾರೆ.
ಅಬಾಕಸ್ ಸ್ಪರ್ಧೆಯಲ್ಲಿ ಕಂಪ್ಲಿ ಶ್ರೀವಿದ್ಯಾಸಾಗರ
ಇಂಟರ್‌ನ್ಯಾಷನಲ್ ಶಾಲೆಯ ಉತ್ತಮ ಸಾಧನೆ
ಸುವರ್ಣವಾಹಿನಿ ಸುದ್ದಿ
ಕಂಪ್ಲಿ,ಸೆ.09: ಇತ್ತೀಚೆಗೆ ಚಿತ್ರದುರ್ಗದಲ್ಲಿ ಗ್ಯಾಲಕ್ಸಿ ಎಜುಕೇಷನ್ "ಇನ್ನೋವೇಶನ್ ಸಂಸ್ಥೆಯು ಏರ್ಪಡಿಸಿದ್ದ ಅಬಾಕಸ್ ಗಣಿತ ಸ್ಪರ್ಧೆಯಲ್ಲಿ ಕಂಪ್ಲಿಯ ಶ್ರೀ ವಿದ್ಯಾಸಾಗರ ಇಂಟರ್‌ನ್ಯಾಷನಲ್ ಶಾಲೆಯ ವಿದ್ಯಾರ್ಥಿಗಳು ವಿವಿಧ ಸ್ಪರ್ಧೆಗಳಲ್ಲಿ ಉತ್ತಮ ಸಾಧನೆ ಮಾಡುವ ಮೂಲಕ ಅತ್ಯುತ್ತಮ ಸಾಧನೆ ಮಾಡಿದ್ದಾರೆಂದು ಶ್ರೀವಿದ್ಯಾಸಾಗರ ಇಂಟರ್‌ನ್ಯಾಷನಲ್ ಶಾಲೆಯ ಕಾರ್ಯದರ್ಶಿ ಪಿ.ನಾಗೇಶ್ವರರಾವ್ ತಿಳಿಸಿದರು. ಉತ್ತಮ ಸಾಧನೆ ಮಾಡಿದ ವಿದ್ಯಾರ್ಥಿಗಳಿಗೆ ಪ್ರಮಾಣ ಪತ್ರ, ಪದಕ ಹಾಗೂ ಪಾರಿತೋಷಕಗಳನ್ನು ವಿತರಿಸಿ ಮಾತನಾಡಿ ಅಬಾಕಸ್ ತರಬೇತಿ ಕೇಂದ್ರವಾದ ಚಿತ್ರದುರ್ಗದ ಗ್ಯಾಲಕ್ಸಿ ಎಜ್ಯುಕೇಷನ್ "ಇನ್ನೋವೇಶನ್ "ಕ್ಲಿಕ್ ಮೈಂಡ್ ಕ್ಲಿಕ್ ಫ್ರೆಂಡ್" ಎನ್ನುವ
ಧ್ಯೇಯವಾಕ್ಯದೊಂದಿಗೆ ವಿದ್ಯಾರ್ಥಿಗಳಿಗೆ ಶಿಕ್ಷಣ ನೀಡುತ್ತಿದೆ.ಈ ತರಬೇತಿಯಲ್ಲಿ ನಮ್ಮ ಶಾಲೆಯ ವಿದ್ಯಾರ್ಥಿಗಳು ಉತ್ತಮ ಸಾಧನೆ ಮಾಡಿದ್ದು, ಹಲವು ವಿಭಾಗಗಳಲ್ಲಿ ಪ್ರಶಸ್ತಿಗಳನ್ನು ಪಡೆದಿದ್ದಾರೆ. ಇದರಿಂದ ವಿದ್ಯಾರ್ಥಿಗಳಲ್ಲಿ ಗಣಿತ ಕೌಶಲ್ಯ ಮತ್ತು ವೇಗದ ಲೆಕ್ಕಾಚಾರದ ಸಾಮರ್ಥ್ಯವನ್ನು ಹೆಚ್ಚಿಸುತ್ತದೆ ಹಾಗೂ ಇಂತಹ ಪ್ರೇರಣಾತ್ಮಕ ಚಟುವಟಿಕೆಗಳು ವಿದ್ಯಾರ್ಥಿಗಳ ಸರ್ವತೋಮುಖ ಬೆಳವಣಿಗೆಗೆ ಸಹಾಯಕವಾಗಲಿದೆ ಎಂದರು. ಉತ್ತಮ ಸಾಧನೆ ಮಾಡಿದ ವಿದ್ಯಾರ್ಥಿಗಳನ್ನು ಸಂಸ್ಥೆಯ ಕಾರ್ಯದರ್ಶಿ ಪಿ.ನಾಗೇಶ್ವರ ರಾವ್, ಪ್ರಾಂಶುಪಾಲರಾದ ಸಾಯಿ ಕಿಶೋರ್ ಪಾಲೇಟಿ,ಶಿಕ್ಷಕರು, ಆಡಳಿತ ಮಂಡಳಿ ಸದಸ್ಯರು ಅಭಿನಂದಿಸಿದ್ದಾರೆ.
ಚಲಿಸುತ್ತಿದ್ದ ಲಾರಿ ಕೆಳಗೆ ಬಿದ್ದು ಮಹಿಳೆ ಸಾವು
ಮಂಗಳೂರು,ಸೆ.09: ಇಲ್ಲಿನ ಕೂಳೂರು ಬಳಿಯ ರಾಷ್ಟ್ರೀಯ ಹೆದ್ದಾರಿಯಲ್ಲಿನ ಗುಂಡಿಯಿಂದಾಗಿ ನಿಯಂತ್ರಣ ಕಳೆದುಕೊಂಡು ದ್ವಿಚಕ್ರ ವಾಹನವೊಂದು ಉರುಳಿಬಿದ್ದಿದ್ದು, ಚಲಿಸುತ್ತಿದ್ದ ಲಾರಿಯ ಕೆಳಗೆ ಬಿದ್ದು 40 ವರ್ಷದ ಮಹಿಳೆಯೊಬ್ಬರು ಸಾವೀಗೀಡಾಗಿದ್ದಾರೆ ಎಂದು ಮಂಗಳವಾರ ಪೊಲೀಸರು ತಿಳಿಸಿದ್ದಾರೆ. ಸಂತ್ರಸ್ತೆಯನ್ನು ಮಾಧವಿ ಎಂದು ಗುರುತಿಸಲಾಗಿದ್ದು, ರಸ್ತೆಯಲ್ಲಿರುವ ಗುಂಡಿಯಿಂದಾಗಿ ಮಾಧವಿ ಚಲಾಯಿಸುತ್ತಿದ್ದ ದ್ವಿಚಕ್ರ ವಾಹನ ನಿಯಂತ್ರಣ ತಪ್ಪಿ ರಸ್ತೆಗೆ ಉರುಳಿಬಿದ್ದಿದೆ. ಈ ವೇಳೆ ಹಿಂದಿನಿಂದ ಬರುತ್ತಿದ್ದ ಮೀನು ಸಾಗಣೆ ಮಾಡುವ ಲಾರಿ ಮಾಧವಿ ಮೇಲೆ ಹರಿದ ಪರಿಣಾಮ ಅವರು ಸ್ಥಳದಲ್ಲೇ ಮೃತಪಟ್ಟಿದ್ದಾರೆ ಎಂದು ಅವರು ಹೇಳಿದರು. ಹೆದ್ದಾರಿಯ ಕಳಪೆ ನಿರ್ವಹಣೆಗಾಗಿ ವಾಹನ ಚಾಲಕರಿಂದ ಪದೇ ಪದೇ ದೂರುಗಳು ಕೇಳಿಬರುತ್ತಿರುವ ಹಿನ್ನೆಲೆಯಲ್ಲಿಯೇ ಈ ಪ್ರದೇಶದಲ್ಲಿ ಅಪಘಾತ ಸಂಭವಿಸಿದೆ.
ಕನಕಾಚಲಪತಿ ದೇಗುಲದ ಗೋಪುರಗಳಿಗಿಲ್ಲ ರಕ್ಷಣೆ
ಸುವರ್ಣವಾಹಿನಿ ಸುದ್ದಿ
ಕನಕಗಿರಿ,ಸೆ.09: ಮುಜರಾಯಿ ಇಲಾಖೆ ವ್ಯಾಪ್ತಿಯಶ್ರೀಕನಕಾಚಲಪತಿ ದೇವಸ್ಥಾನದ ಗೋಪುರಗಳಿಗೆ ರಕ್ಷಣೆ ಇಲ್ಲವಾಗಿದ್ದು, ವಿಜಯನಗರ ಕಾಲದ ಈ ಕಟ್ಟಡದ ಸಂರಕ್ಷಣೆಗೆ ಪ್ರಾಚ್ಯವಸ್ತು ಇಲಾಖೆ ಸೂಕ್ತ ಕ್ರಮಕೈಗೊಳ್ಳಬೇಕು ಎಂದು ಭಕ್ತರು ಆಗ್ರಹಿಸಿದ್ದಾರೆ. 14ನೇ ಶತಮಾನದಲ್ಲಿ ನಿರ್ಮಾಣವಾದ ಈ ದೇಗುಲದಲ್ಲಿ ಒಟ್ಟು ಐದು ಬೃಹತ್ ಗೋಪುರಗಳಿವೆ. ಇದೀಗ ಇವು ಮಳೆಯಿಂದಾಗಿ ಶಿಥಿಲಾವಸ್ಥೆಗೆ ತಲುಪಿವೆ. ಉತ್ತರ ಗೋಪುರದಲ್ಲಿ ಬಿರುಕು ಕಾಣಿಸಿಕೊಂಡಿದ್ದರಿಂದ ಪ್ರವೇಶ ದ್ವಾರಕ್ಕೆ ಅಡ್ಡಲಾಗಿ ಶಿಲಾಕಂಭವನ್ನು ನಿಲ್ಲಿಸಿ ಕೈ ತೊಳೆದುಕೊಂಡಿದ್ದಾರೆ. ಇಲ್ಲಿನ ಅಧಿಕಾರಿಗಳು, ಗೋಪುರಗಳ ಸಂರಕ್ಷಣೆಯ ಕುರಿತು ಹಲವು ವರ್ಷಗಳಿಂದಲೂ ನಿರ್ಲಕ್ಷ್ಯ ವಹಿಸಿದ್ದಾರೆ
ಅಧಿಕಾರಿಗಳು ಜಾಣ ಕುರುಡುತನ ಪ್ರದರ್ಶಿಸುತ್ತಿದ್ದಾರೆ. ಇದೀಗ ಉತ್ತರ ಗೋಪುರದ ಮೇಲ್ಭಾಗದಲ್ಲಿ ಬೇವಿನ ಸಸಿ ಹುಟ್ಟಿಕೊಂಡಿದ್ದು, ಈ ಗಿಡದ ಬೇರಿನಿಂದ ಗೋಪುರದ ಒಳ ಭಾಗದಲ್ಲಿ ಗೋಪುರಗಳ ಸಂರಕ್ಷಣೆಗೆ ದೇವಸ್ಥಾನ ಮಂಡಳಿಯವರು ಸೂಚನೆ ನೀಡಿದ ಬಳಿಕ
ಸಮಿತಿಯ ಗಮನಕ್ಕೆ ತರಲಾಗಿದೆ. ಆದರೂ ಸಂರಕ್ಷಣೆ ಎಂಬುದು ಕೇವಲ ಮಾತಿನಲ್ಲೇ ಆಗಿದೆಯೇ ಹೊರತು ಕಾರ್ಯ ರೂಪಕ್ಕೆ ಬಂದಿಲ್ಲ. ವಿಜಯನಗರ ಇತಿಹಾಸ ಮುಂದಿನ ಪೀಳಿಗೆಗೆ ಉಳಿಯುವ ನಿಟ್ಟಿನಲ್ಲಿ ಪ್ರಾಚ್ಯ ಗೋಪುರಗಳ ಸಂರಕ್ಷಣೆ ಬಹುಮುಖ್ಯ ಎಂದು ಅವರು ಒತ್ತಾಯಿಸಿದ್ದಾರೆ.
ಗೋಪುರಗಳ ಸಂರಕ್ಷಣೆಗೆ ನಮ್ಮ ಇಲಾಖೆ ಬದ್ಧವಾಗಿದೆ. ಮುಂದಿನ ವಾರದೊಳಗೆ ದೇಗುಲಕ್ಕೆ ಭೇಟಿ ನೀಡಿ ಶಾಶ್ವತ ಪರಿಹಾರ ಕಂಡುಕೊಳ್ಳಲಾಗುವುದು. ಉತ್ತರ ಗೋಪುರದ ಮೇಲೆ ಬೆಳೆದಿರುವ ಬೇವಿನ ಗಿಡವನ್ನು ಕಿತ್ತೆಸೆದು ಗೋಪುರದ ಸಂರಕ್ಷಣೆ ಮಾಡಲಾಗುವುದು.
– ಶೇಜೇಶ್ವರ ಸಹಾಯಕ ನಿರ್ದೇಶಕ
ಪ್ರಾಚ್ಯ ಇಲಾಖೆ, ಕಮಲಾಪುರ
ವಸ್ತು ಶಾಶ್ವತ ಕ್ರಮ ಕೈಗೊಳ್ಳಬೇಕು ಎಂದು ಭಕ್ತ ಅಯ್ಯನಗೌಡ ತಿಳಿಸಿದ್ದಾರೆ. ಮಳೆನೀರು ಹೋಗುತ್ತಿದ್ದರಿಂದ ಗೋಪುರದ ಇಟ್ಟಿಗೆ, ಕಟ್ಟಿಗೆಯ ಹಲಗೆಗಳು ಕೊಳೆತಿವೆ. ಗೋಪುರಗಳ ಸಂರಕ್ಷಣೆಗೆ ಸಂಬಂಧಪಟ್ಟ ಅಧಿಕಾರಿಗಳು ಮುಂದಾಗಬೇಕು ಎಂದು ಭಕ್ತರು ಆಕ್ರೋಶ ವ್ಯಕ್ತಪಡಿಸಿದ್ದಾರೆ.
Suvarna vaahini Kannada Daily, Owner/Editor : V.Ravi, Published at: ( Responsible for selection of news under the PRB Act), Printed : V.Ravi,
Publication: SHREE SHAILA PRINTERS, opp.Eranna Gudi Road,Eslampura,Gangavathi - 581227. Koppal Dist.Karnataka. RNI NO: KARKAN/2022/82651
